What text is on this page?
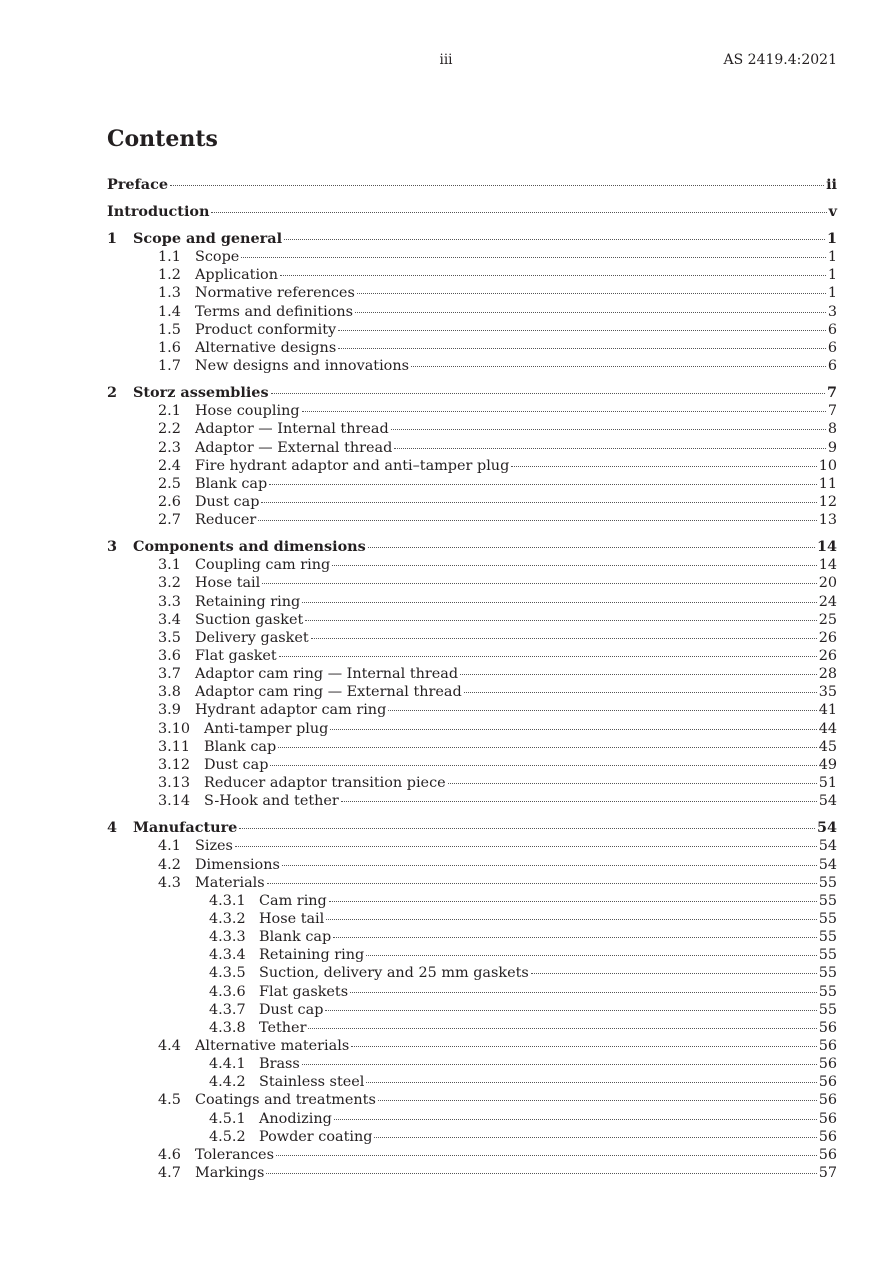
iii	AS 2419.4:2021
Contents
Preface	ii
Introduction	v
1	Scope and general	1
1.1 Scope	1
1.2 Application	1
1.3 Normative references	1
1.4 Terms and definitions	3
1.5 Product conformity	6
1.6 Alternative designs	6
1.7 New designs and innovations	6
2	Storz assemblies	7
2.1 Hose coupling	7
2.2 Adaptor — Internal thread	8
2.3 Adaptor — External thread	9
2.4 Fire hydrant adaptor and anti–tamper plug	10
2.5 Blank cap	11
2.6 Dust cap	12
2.7 Reducer	13
3	Components and dimensions	14
3.1 Coupling cam ring	14
3.2 Hose tail	20
3.3 Retaining ring	24
3.4 Suction gasket	25
3.5 Delivery gasket	26
3.6 Flat gasket	26
3.7 Adaptor cam ring — Internal thread	28
3.8 Adaptor cam ring — External thread	35
3.9 Hydrant adaptor cam ring	41
3.10 Anti-tamper plug	44
3.11 Blank cap	45
3.12 Dust cap	49
3.13 Reducer adaptor transition piece	51
3.14 S-Hook and tether	54
4	Manufacture	54
4.1 Sizes	54
4.2 Dimensions	54
4.3 Materials	55
4.3.1 Cam ring	55
4.3.2 Hose tail	55
4.3.3 Blank cap	55
4.3.4 Retaining ring	55
4.3.5 Suction, delivery and 25 mm gaskets	55
4.3.6 Flat gaskets	55
4.3.7 Dust cap	55
4.3.8 Tether	56
4.4 Alternative materials	56
4.4.1 Brass	56
4.4.2 Stainless steel	56
4.5 Coatings and treatments	56
4.5.1 Anodizing	56
4.5.2 Powder coating	56
4.6 Tolerances	56
4.7 Markings	57
